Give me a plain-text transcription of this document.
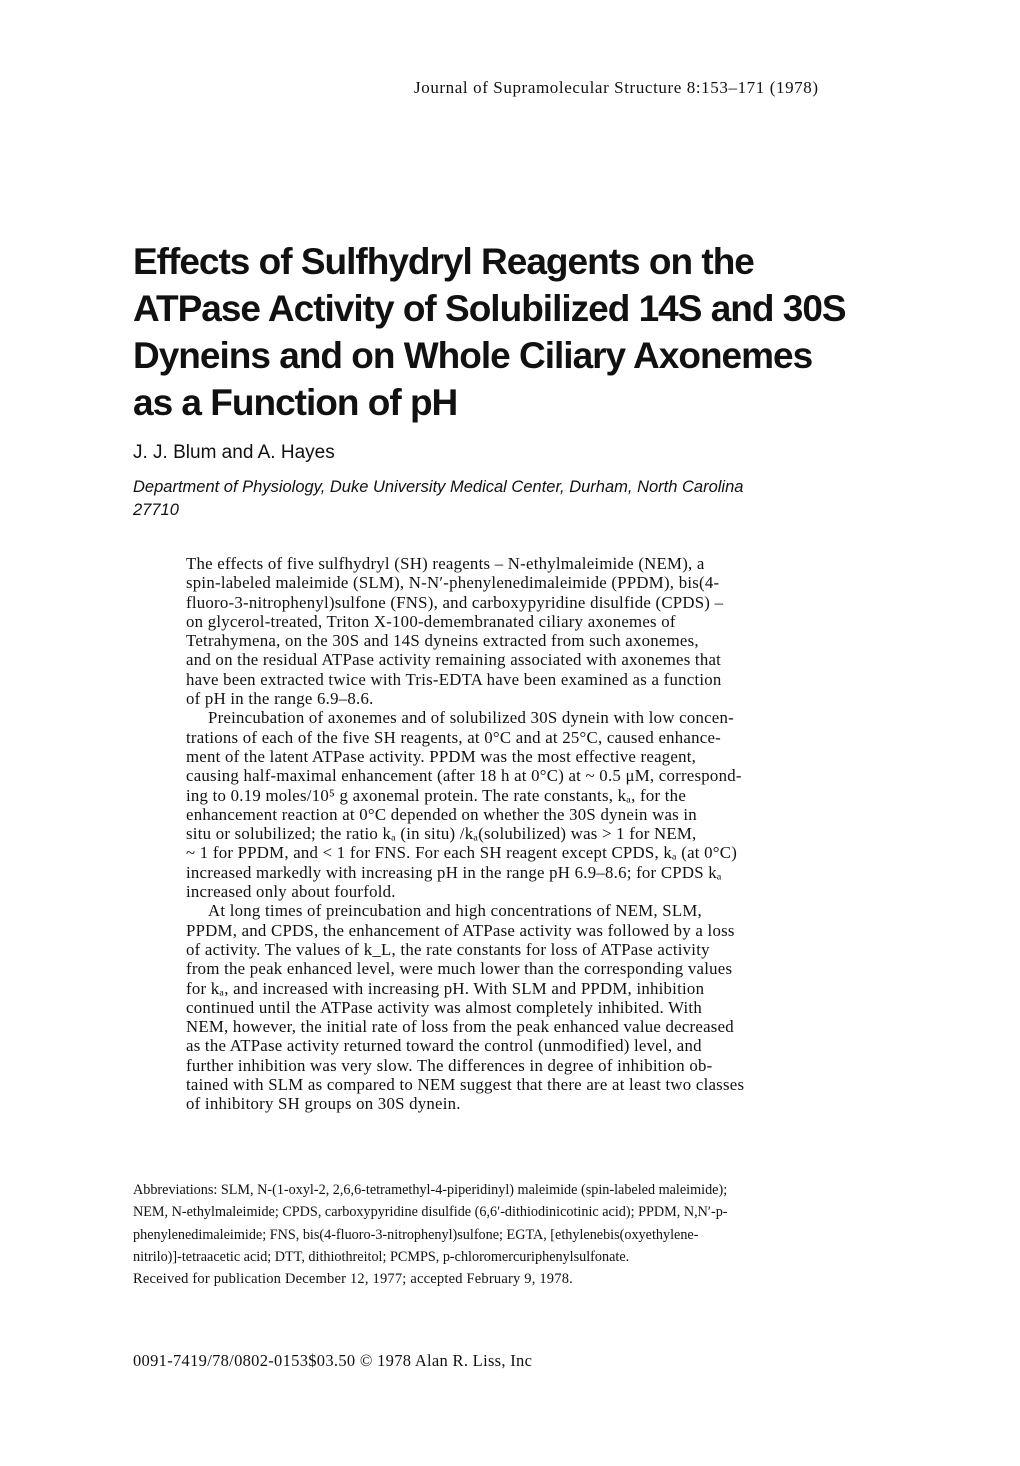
Journal of Supramolecular Structure 8:153–171 (1978)
Effects of Sulfhydryl Reagents on the
ATPase Activity of Solubilized 14S and 30S
Dyneins and on Whole Ciliary Axonemes
as a Function of pH
J. J. Blum and A. Hayes
Department of Physiology, Duke University Medical Center, Durham, North Carolina
27710
The effects of five sulfhydryl (SH) reagents – N-ethylmaleimide (NEM), a
spin-labeled maleimide (SLM), N-N′-phenylenedimaleimide (PPDM), bis(4-
fluoro-3-nitrophenyl)sulfone (FNS), and carboxypyridine disulfide (CPDS) –
on glycerol-treated, Triton X-100-demembranated ciliary axonemes of
Tetrahymena, on the 30S and 14S dyneins extracted from such axonemes,
and on the residual ATPase activity remaining associated with axonemes that
have been extracted twice with Tris-EDTA have been examined as a function
of pH in the range 6.9–8.6.
Preincubation of axonemes and of solubilized 30S dynein with low concen-
trations of each of the five SH reagents, at 0°C and at 25°C, caused enhance-
ment of the latent ATPase activity. PPDM was the most effective reagent,
causing half-maximal enhancement (after 18 h at 0°C) at ~ 0.5 μM, correspond-
ing to 0.19 moles/10⁵ g axonemal protein. The rate constants, kₐ, for the
enhancement reaction at 0°C depended on whether the 30S dynein was in
situ or solubilized; the ratio kₐ (in situ) /kₐ(solubilized) was > 1 for NEM,
~ 1 for PPDM, and < 1 for FNS. For each SH reagent except CPDS, kₐ (at 0°C)
increased markedly with increasing pH in the range pH 6.9–8.6; for CPDS kₐ
increased only about fourfold.
At long times of preincubation and high concentrations of NEM, SLM,
PPDM, and CPDS, the enhancement of ATPase activity was followed by a loss
of activity. The values of k_L, the rate constants for loss of ATPase activity
from the peak enhanced level, were much lower than the corresponding values
for kₐ, and increased with increasing pH. With SLM and PPDM, inhibition
continued until the ATPase activity was almost completely inhibited. With
NEM, however, the initial rate of loss from the peak enhanced value decreased
as the ATPase activity returned toward the control (unmodified) level, and
further inhibition was very slow. The differences in degree of inhibition ob-
tained with SLM as compared to NEM suggest that there are at least two classes
of inhibitory SH groups on 30S dynein.
Abbreviations: SLM, N-(1-oxyl-2, 2,6,6-tetramethyl-4-piperidinyl) maleimide (spin-labeled maleimide);
NEM, N-ethylmaleimide; CPDS, carboxypyridine disulfide (6,6′-dithiodinicotinic acid); PPDM, N,N′-p-
phenylenedimaleimide; FNS, bis(4-fluoro-3-nitrophenyl)sulfone; EGTA, [ethylenebis(oxyethylene-
nitrilo)]-tetraacetic acid; DTT, dithiothreitol; PCMPS, p-chloromercuriphenylsulfonate.
Received for publication December 12, 1977; accepted February 9, 1978.
0091-7419/78/0802-0153$03.50 © 1978 Alan R. Liss, Inc
